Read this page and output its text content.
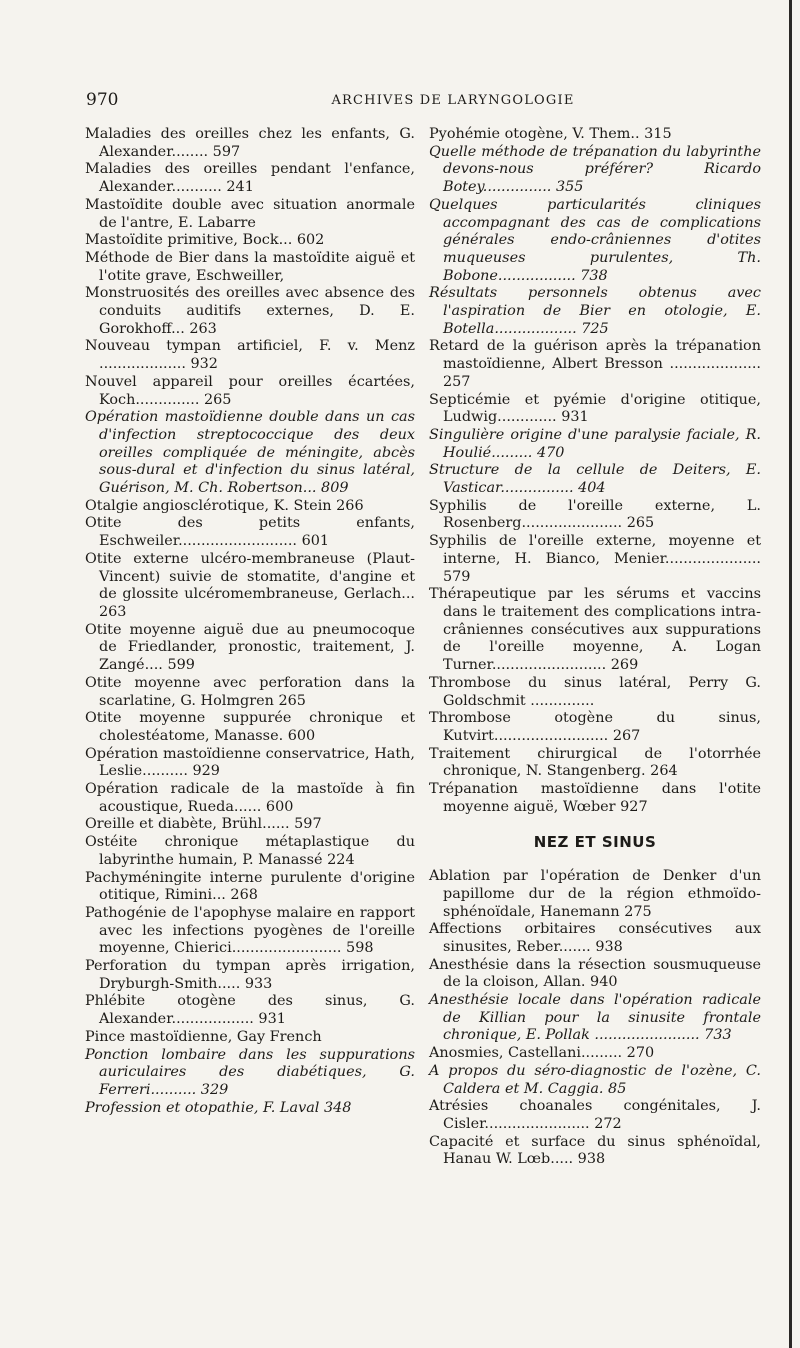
970	ARCHIVES DE LARYNGOLOGIE

Maladies des oreilles chez les enfants, G. Alexander........ 597

Maladies des oreilles pendant l'enfance, Alexander........... 241

Mastoïdite double avec situation anormale de l'antre, E. Labarre

Mastoïdite primitive, Bock... 602

Méthode de Bier dans la mastoïdite aiguë et l'otite grave, Eschweiller,

Monstruosités des oreilles avec absence des conduits auditifs externes, D. E. Gorokhoff... 263

Nouveau tympan artificiel, F. v. Menz ................... 932

Nouvel appareil pour oreilles écartées, Koch.............. 265

Opération mastoïdienne double dans un cas d'infection streptococcique des deux oreilles compliquée de méningite, abcès sous-dural et d'infection du sinus latéral, Guérison, M. Ch. Robertson... 809

Otalgie angiosclérotique, K. Stein 266

Otite des petits enfants, Eschweiler.......................... 601

Otite externe ulcéro-membraneuse (Plaut-Vincent) suivie de stomatite, d'angine et de glossite ulcéromembraneuse, Gerlach... 263

Otite moyenne aiguë due au pneumocoque de Friedlander, pronostic, traitement, J. Zangé.... 599

Otite moyenne avec perforation dans la scarlatine, G. Holmgren 265

Otite moyenne suppurée chronique et cholestéatome, Manasse. 600

Opération mastoïdienne conservatrice, Hath, Leslie.......... 929

Opération radicale de la mastoïde à fin acoustique, Rueda...... 600

Oreille et diabète, Brühl...... 597

Ostéite chronique métaplastique du labyrinthe humain, P. Manassé 224

Pachyméningite interne purulente d'origine otitique, Rimini... 268

Pathogénie de l'apophyse malaire en rapport avec les infections pyogènes de l'oreille moyenne, Chierici........................ 598

Perforation du tympan après irrigation, Dryburgh-Smith..... 933

Phlébite otogène des sinus, G. Alexander.................. 931

Pince mastoïdienne, Gay French

Ponction lombaire dans les suppurations auriculaires des diabétiques, G. Ferreri.......... 329

Profession et otopathie, F. Laval 348

Pyohémie otogène, V. Them.. 315

Quelle méthode de trépanation du labyrinthe devons-nous préférer? Ricardo Botey............... 355

Quelques particularités cliniques accompagnant des cas de complications générales endo-crâniennes d'otites muqueuses purulentes, Th. Bobone................. 738

Résultats personnels obtenus avec l'aspiration de Bier en otologie, E. Botella.................. 725

Retard de la guérison après la trépanation mastoïdienne, Albert Bresson .................... 257

Septicémie et pyémie d'origine otitique, Ludwig............. 931

Singulière origine d'une paralysie faciale, R. Houlié......... 470

Structure de la cellule de Deiters, E. Vasticar................ 404

Syphilis de l'oreille externe, L. Rosenberg...................... 265

Syphilis de l'oreille externe, moyenne et interne, H. Bianco, Menier..................... 579

Thérapeutique par les sérums et vaccins dans le traitement des complications intra-crâniennes consécutives aux suppurations de l'oreille moyenne, A. Logan Turner......................... 269

Thrombose du sinus latéral, Perry G. Goldschmit ..............

Thrombose otogène du sinus, Kutvirt......................... 267

Traitement chirurgical de l'otorrhée chronique, N. Stangenberg. 264

Trépanation mastoïdienne dans l'otite moyenne aiguë, Wœber 927

NEZ ET SINUS

Ablation par l'opération de Denker d'un papillome dur de la région ethmoïdo-sphénoïdale, Hanemann 275

Affections orbitaires consécutives aux sinusites, Reber....... 938

Anesthésie dans la résection sousmuqueuse de la cloison, Allan. 940

Anesthésie locale dans l'opération radicale de Killian pour la sinusite frontale chronique, E. Pollak ....................... 733

Anosmies, Castellani......... 270

A propos du séro-diagnostic de l'ozène, C. Caldera et M. Caggia. 85

Atrésies choanales congénitales, J. Cisler....................... 272

Capacité et surface du sinus sphénoïdal, Hanau W. Lœb..... 938
